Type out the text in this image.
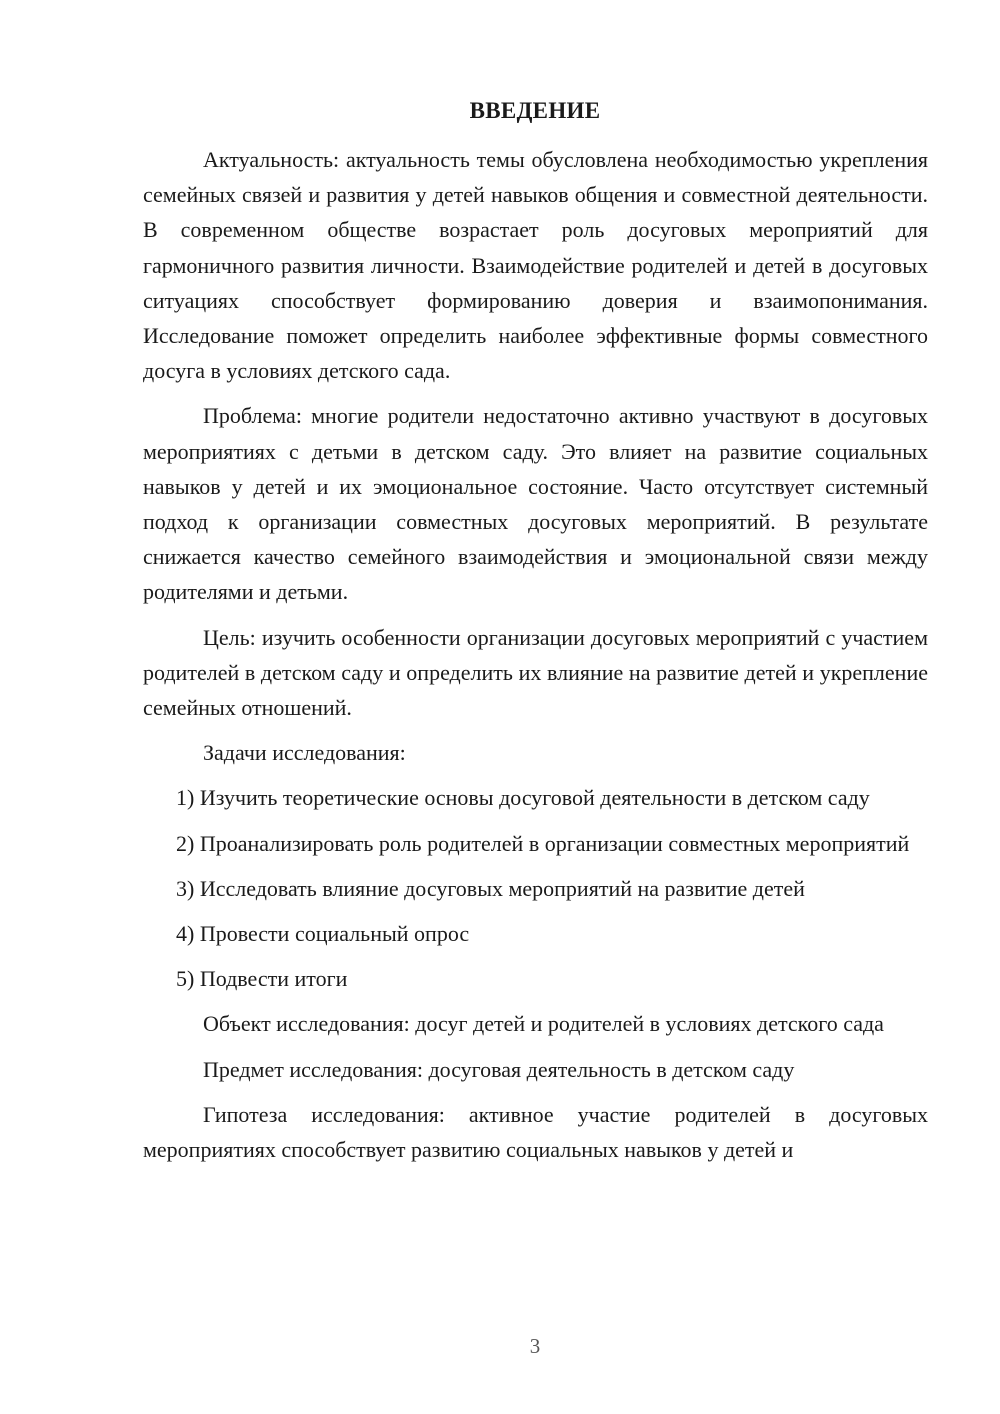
ВВЕДЕНИЕ

Актуальность: актуальность темы обусловлена необходимостью укрепления семейных связей и развития у детей навыков общения и совместной деятельности. В современном обществе возрастает роль досуговых мероприятий для гармоничного развития личности. Взаимодействие родителей и детей в досуговых ситуациях способствует формированию доверия и взаимопонимания. Исследование поможет определить наиболее эффективные формы совместного досуга в условиях детского сада.

Проблема: многие родители недостаточно активно участвуют в досуговых мероприятиях с детьми в детском саду. Это влияет на развитие социальных навыков у детей и их эмоциональное состояние. Часто отсутствует системный подход к организации совместных досуговых мероприятий. В результате снижается качество семейного взаимодействия и эмоциональной связи между родителями и детьми.

Цель: изучить особенности организации досуговых мероприятий с участием родителей в детском саду и определить их влияние на развитие детей и укрепление семейных отношений.

Задачи исследования:

1) Изучить теоретические основы досуговой деятельности в детском саду

2) Проанализировать роль родителей в организации совместных мероприятий

3) Исследовать влияние досуговых мероприятий на развитие детей

4) Провести социальный опрос

5) Подвести итоги

Объект исследования: досуг детей и родителей в условиях детского сада

Предмет исследования: досуговая деятельность в детском саду

Гипотеза исследования: активное участие родителей в досуговых мероприятиях способствует развитию социальных навыков у детей и

3
